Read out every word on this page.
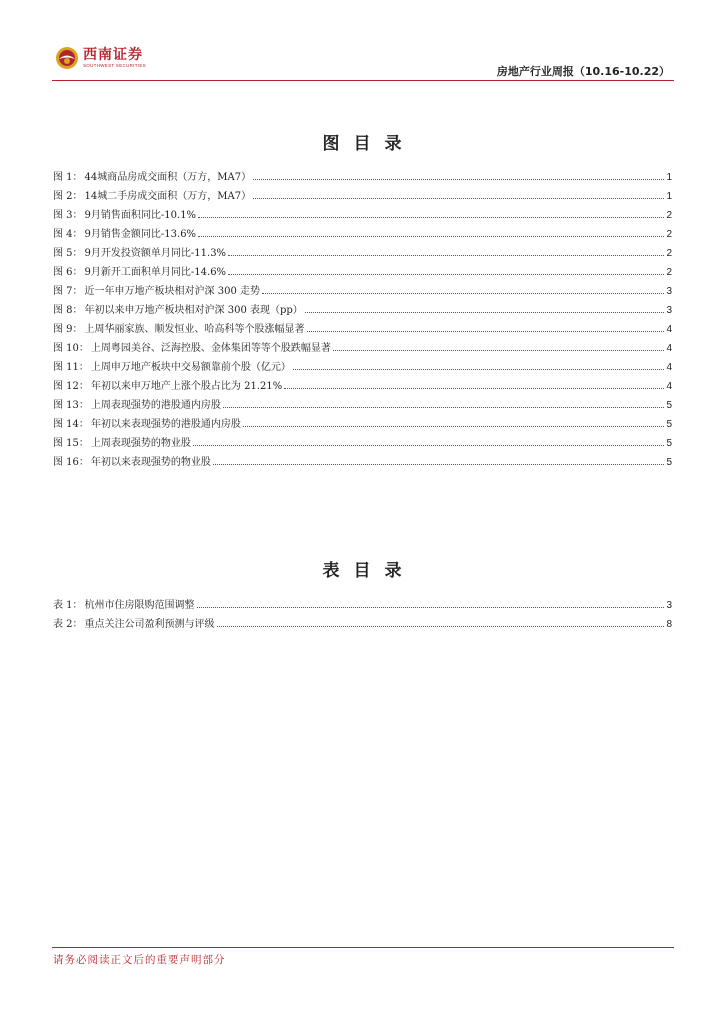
西南证券
SOUTHWEST SECURITIES	房地产行业周报（10.16-10.22）
图目录
图 1： 44城商品房成交面积（万方，MA7）	1
图 2： 14城二手房成交面积（万方，MA7）	1
图 3： 9月销售面积同比-10.1%	2
图 4： 9月销售金额同比-13.6%	2
图 5： 9月开发投资额单月同比-11.3%	2
图 6： 9月新开工面积单月同比-14.6%	2
图 7： 近一年申万地产板块相对沪深 300 走势	3
图 8： 年初以来申万地产板块相对沪深 300 表现（pp）	3
图 9： 上周华丽家族、顺发恒业、哈高科等个股涨幅显著	4
图 10： 上周粤园美谷、泛海控股、金体集团等等个股跌幅显著	4
图 11： 上周申万地产板块中交易额靠前个股（亿元）	4
图 12： 年初以来申万地产上涨个股占比为 21.21%	4
图 13： 上周表现强势的港股通内房股	5
图 14： 年初以来表现强势的港股通内房股	5
图 15： 上周表现强势的物业股	5
图 16： 年初以来表现强势的物业股	5
表目录
表 1： 杭州市住房限购范围调整	3
表 2： 重点关注公司盈利预测与评级	8
请务必阅读正文后的重要声明部分
